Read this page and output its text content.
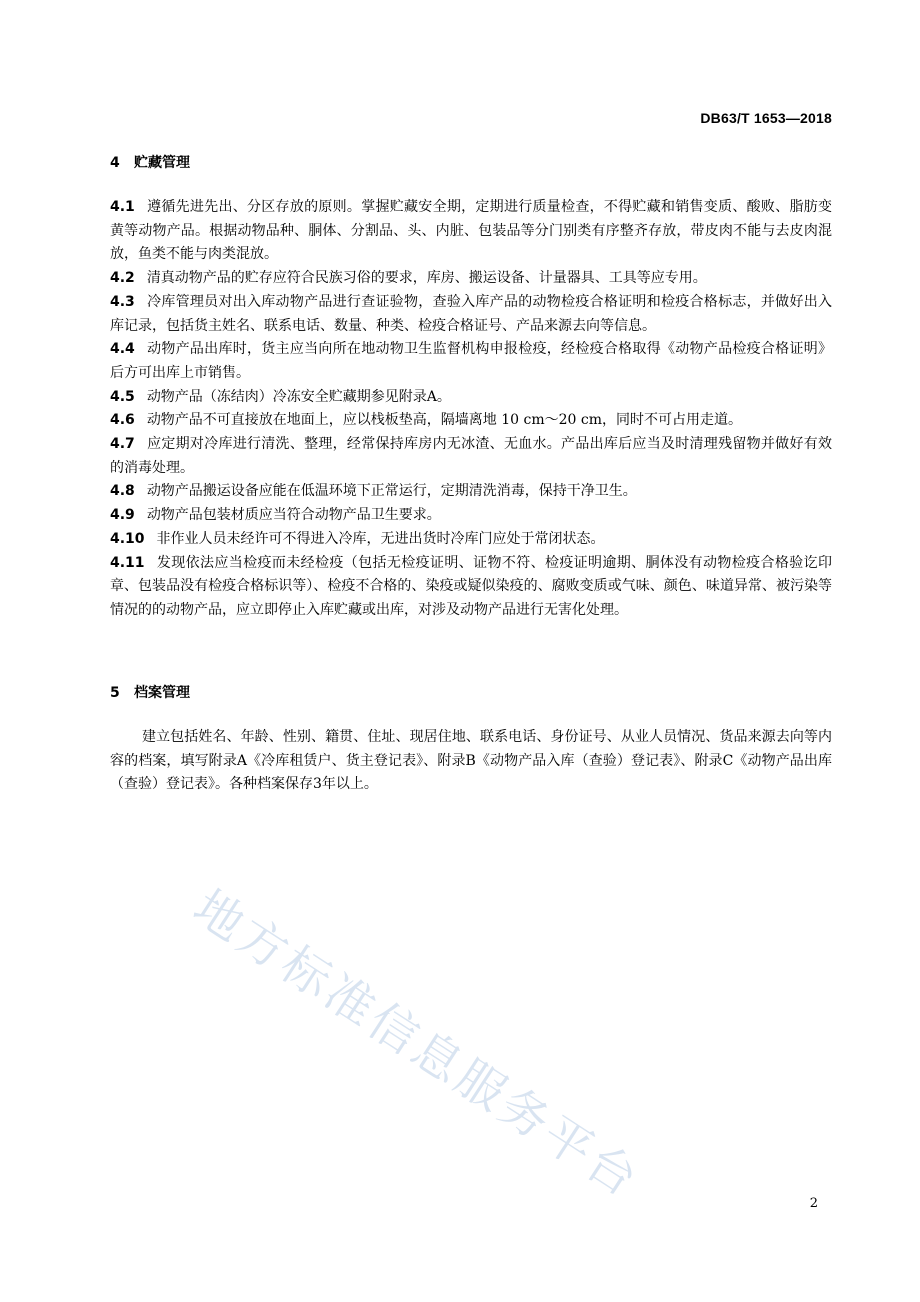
DB63/T 1653—2018
4 贮藏管理

4.1 遵循先进先出、分区存放的原则。掌握贮藏安全期，定期进行质量检查，不得贮藏和销售变质、酸败、脂肪变黄等动物产品。根据动物品种、胴体、分割品、头、内脏、包装品等分门别类有序整齐存放，带皮肉不能与去皮肉混放，鱼类不能与肉类混放。

4.2 清真动物产品的贮存应符合民族习俗的要求，库房、搬运设备、计量器具、工具等应专用。

4.3 冷库管理员对出入库动物产品进行查证验物，查验入库产品的动物检疫合格证明和检疫合格标志，并做好出入库记录，包括货主姓名、联系电话、数量、种类、检疫合格证号、产品来源去向等信息。

4.4 动物产品出库时，货主应当向所在地动物卫生监督机构申报检疫，经检疫合格取得《动物产品检疫合格证明》后方可出库上市销售。

4.5 动物产品（冻结肉）冷冻安全贮藏期参见附录A。

4.6 动物产品不可直接放在地面上，应以栈板垫高，隔墙离地 10 cm～20 cm，同时不可占用走道。

4.7 应定期对冷库进行清洗、整理，经常保持库房内无冰渣、无血水。产品出库后应当及时清理残留物并做好有效的消毒处理。

4.8 动物产品搬运设备应能在低温环境下正常运行，定期清洗消毒，保持干净卫生。

4.9 动物产品包装材质应当符合动物产品卫生要求。

4.10 非作业人员未经许可不得进入冷库，无进出货时冷库门应处于常闭状态。

4.11 发现依法应当检疫而未经检疫（包括无检疫证明、证物不符、检疫证明逾期、胴体没有动物检疫合格验讫印章、包装品没有检疫合格标识等）、检疫不合格的、染疫或疑似染疫的、腐败变质或气味、颜色、味道异常、被污染等情况的的动物产品，应立即停止入库贮藏或出库，对涉及动物产品进行无害化处理。

5 档案管理

建立包括姓名、年龄、性别、籍贯、住址、现居住地、联系电话、身份证号、从业人员情况、货品来源去向等内容的档案，填写附录A《冷库租赁户、货主登记表》、附录B《动物产品入库（查验）登记表》、附录C《动物产品出库（查验）登记表》。各种档案保存3年以上。

地方标准信息服务平台	2
